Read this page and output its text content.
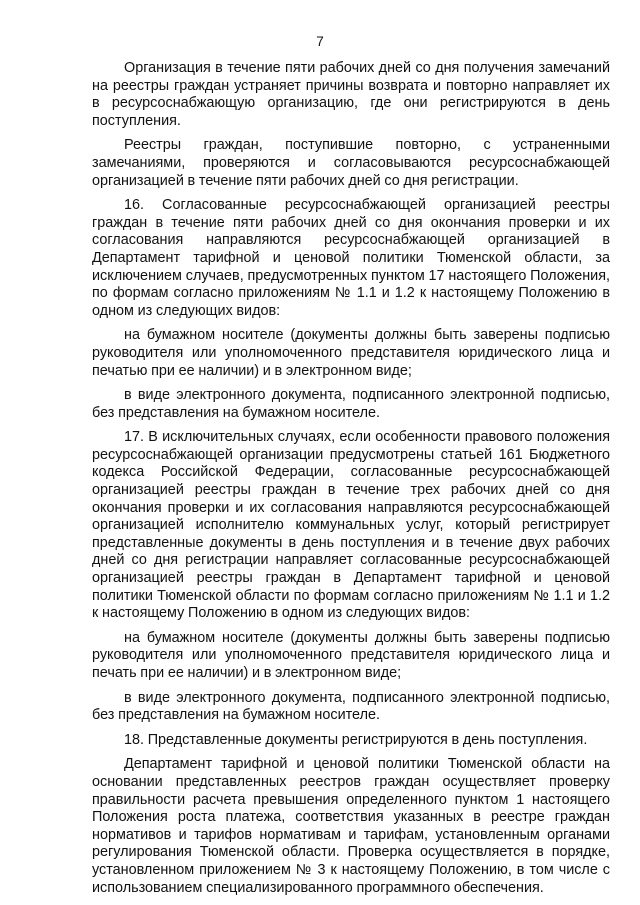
7

Организация в течение пяти рабочих дней со дня получения замечаний на реестры граждан устраняет причины возврата и повторно направляет их в ресурсоснабжающую организацию, где они регистрируются в день поступления.

Реестры граждан, поступившие повторно, с устраненными замечаниями, проверяются и согласовываются ресурсоснабжающей организацией в течение пяти рабочих дней со дня регистрации.

16. Согласованные ресурсоснабжающей организацией реестры граждан в течение пяти рабочих дней со дня окончания проверки и их согласования направляются ресурсоснабжающей организацией в Департамент тарифной и ценовой политики Тюменской области, за исключением случаев, предусмотренных пунктом 17 настоящего Положения, по формам согласно приложениям № 1.1 и 1.2 к настоящему Положению в одном из следующих видов:

на бумажном носителе (документы должны быть заверены подписью руководителя или уполномоченного представителя юридического лица и печатью при ее наличии) и в электронном виде;

в виде электронного документа, подписанного электронной подписью, без представления на бумажном носителе.

17. В исключительных случаях, если особенности правового положения ресурсоснабжающей организации предусмотрены статьей 161 Бюджетного кодекса Российской Федерации, согласованные ресурсоснабжающей организацией реестры граждан в течение трех рабочих дней со дня окончания проверки и их согласования направляются ресурсоснабжающей организацией исполнителю коммунальных услуг, который регистрирует представленные документы в день поступления и в течение двух рабочих дней со дня регистрации направляет согласованные ресурсоснабжающей организацией реестры граждан в Департамент тарифной и ценовой политики Тюменской области по формам согласно приложениям № 1.1 и 1.2 к настоящему Положению в одном из следующих видов:

на бумажном носителе (документы должны быть заверены подписью руководителя или уполномоченного представителя юридического лица и печать при ее наличии) и в электронном виде;

в виде электронного документа, подписанного электронной подписью, без представления на бумажном носителе.

18. Представленные документы регистрируются в день поступления.

Департамент тарифной и ценовой политики Тюменской области на основании представленных реестров граждан осуществляет проверку правильности расчета превышения определенного пунктом 1 настоящего Положения роста платежа, соответствия указанных в реестре граждан нормативов и тарифов нормативам и тарифам, установленным органами регулирования Тюменской области. Проверка осуществляется в порядке, установленном приложением № 3 к настоящему Положению, в том числе с использованием специализированного программного обеспечения.
